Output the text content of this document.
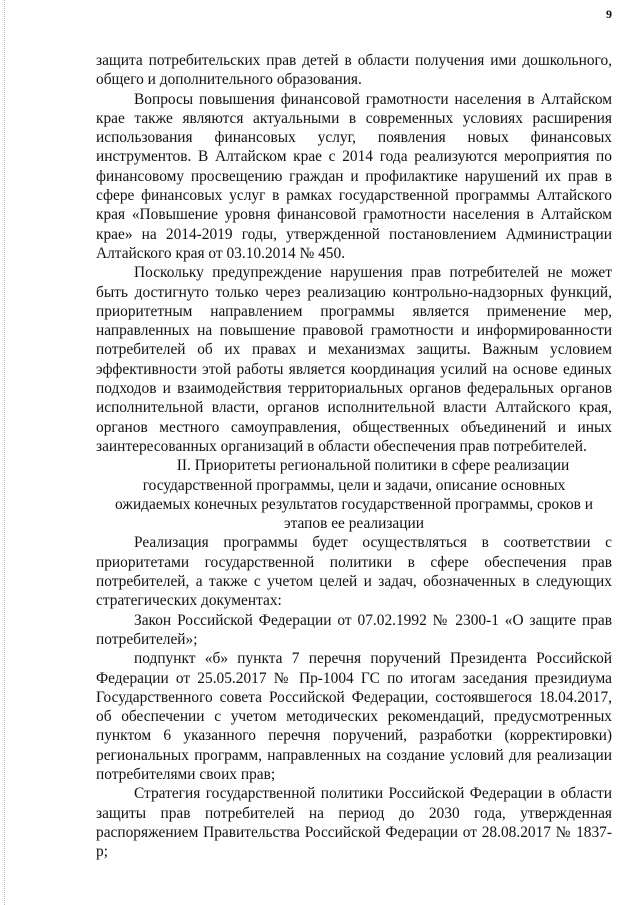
9

защита потребительских прав детей в области получения ими дошкольного, общего и дополнительного образования.

Вопросы повышения финансовой грамотности населения в Алтайском крае также являются актуальными в современных условиях расширения использования финансовых услуг, появления новых финансовых инструментов. В Алтайском крае с 2014 года реализуются мероприятия по финансовому просвещению граждан и профилактике нарушений их прав в сфере финансовых услуг в рамках государственной программы Алтайского края «Повышение уровня финансовой грамотности населения в Алтайском крае» на 2014-2019 годы, утвержденной постановлением Администрации Алтайского края от 03.10.2014 № 450.

Поскольку предупреждение нарушения прав потребителей не может быть достигнуто только через реализацию контрольно-надзорных функций, приоритетным направлением программы является применение мер, направленных на повышение правовой грамотности и информированности потребителей об их правах и механизмах защиты. Важным условием эффективности этой работы является координация усилий на основе единых подходов и взаимодействия территориальных органов федеральных органов исполнительной власти, органов исполнительной власти Алтайского края, органов местного самоуправления, общественных объединений и иных заинтересованных организаций в области обеспечения прав потребителей.

II. Приоритеты региональной политики в сфере реализации государственной программы, цели и задачи, описание основных ожидаемых конечных результатов государственной программы, сроков и этапов ее реализации

Реализация программы будет осуществляться в соответствии с приоритетами государственной политики в сфере обеспечения прав потребителей, а также с учетом целей и задач, обозначенных в следующих стратегических документах:

Закон Российской Федерации от 07.02.1992 № 2300-1 «О защите прав потребителей»;

подпункт «б» пункта 7 перечня поручений Президента Российской Федерации от 25.05.2017 № Пр-1004 ГС по итогам заседания президиума Государственного совета Российской Федерации, состоявшегося 18.04.2017, об обеспечении с учетом методических рекомендаций, предусмотренных пунктом 6 указанного перечня поручений, разработки (корректировки) региональных программ, направленных на создание условий для реализации потребителями своих прав;

Стратегия государственной политики Российской Федерации в области защиты прав потребителей на период до 2030 года, утвержденная распоряжением Правительства Российской Федерации от 28.08.2017 № 1837-р;
